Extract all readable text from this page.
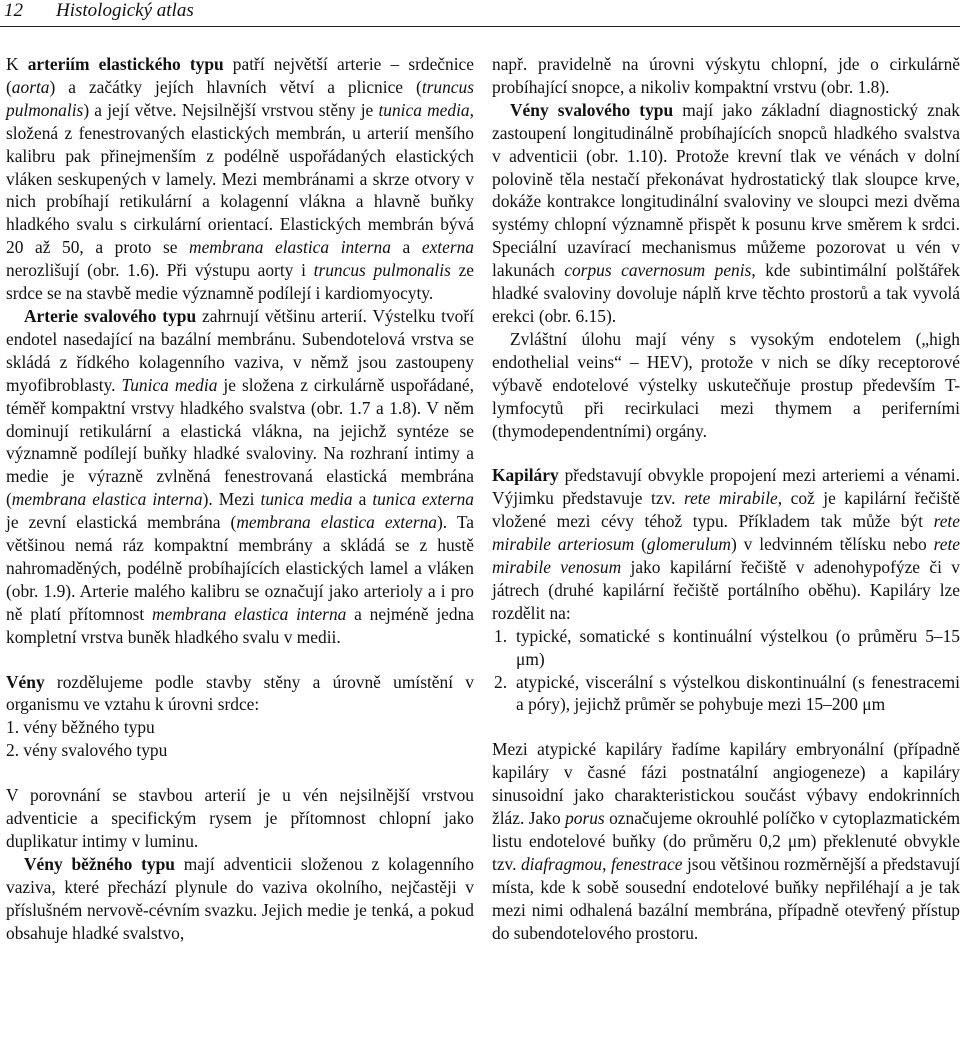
12 Histologický atlas

K arteriím elastického typu patří největší arterie – srdečnice (aorta) a začátky jejích hlavních větví a plicnice (truncus pulmonalis) a její větve. Nejsilnější vrstvou stěny je tunica media, složená z fenestrovaných elastických membrán, u arterií menšího kalibru pak přinejmenším z podélně uspořádaných elastických vláken seskupených v lamely. Mezi membránami a skrze otvory v nich probíhají retikulární a kolagenní vlákna a hlavně buňky hladkého svalu s cirkulární orientací. Elastických membrán bývá 20 až 50, a proto se membrana elastica interna a externa nerozlišují (obr. 1.6). Při výstupu aorty i truncus pulmonalis ze srdce se na stavbě medie významně podílejí i kardiomyocyty.

Arterie svalového typu zahrnují většinu arterií. Výstelku tvoří endotel nasedající na bazální membránu. Subendotelová vrstva se skládá z řídkého kolagenního vaziva, v němž jsou zastoupeny myofibroblasty. Tunica media je složena z cirkulárně uspořádané, téměř kompaktní vrstvy hladkého svalstva (obr. 1.7 a 1.8). V něm dominují retikulární a elastická vlákna, na jejichž syntéze se významně podílejí buňky hladké svaloviny. Na rozhraní intimy a medie je výrazně zvlněná fenestrovaná elastická membrána (membrana elastica interna). Mezi tunica media a tunica externa je zevní elastická membrána (membrana elastica externa). Ta většinou nemá ráz kompaktní membrány a skládá se z hustě nahromaděných, podélně probíhajících elastických lamel a vláken (obr. 1.9). Arterie malého kalibru se označují jako arterioly a i pro ně platí přítomnost membrana elastica interna a nejméně jedna kompletní vrstva buněk hladkého svalu v medii.

Vény rozdělujeme podle stavby stěny a úrovně umístění v organismu ve vztahu k úrovni srdce:

1. vény běžného typu

2. vény svalového typu

V porovnání se stavbou arterií je u vén nejsilnější vrstvou adventicie a specifickým rysem je přítomnost chlopní jako duplikatur intimy v luminu.

Vény běžného typu mají adventicii složenou z kolagenního vaziva, které přechází plynule do vaziva okolního, nejčastěji v příslušném nervově-cévním svazku. Jejich medie je tenká, a pokud obsahuje hladké svalstvo,

např. pravidelně na úrovni výskytu chlopní, jde o cirkulárně probíhající snopce, a nikoliv kompaktní vrstvu (obr. 1.8).

Vény svalového typu mají jako základní diagnostický znak zastoupení longitudinálně probíhajících snopců hladkého svalstva v adventicii (obr. 1.10). Protože krevní tlak ve vénách v dolní polovině těla nestačí překonávat hydrostatický tlak sloupce krve, dokáže kontrakce longitudinální svaloviny ve sloupci mezi dvěma systémy chlopní významně přispět k posunu krve směrem k srdci. Speciální uzavírací mechanismus můžeme pozorovat u vén v lakunách corpus cavernosum penis, kde subintimální polštářek hladké svaloviny dovoluje náplň krve těchto prostorů a tak vyvolá erekci (obr. 6.15).

Zvláštní úlohu mají vény s vysokým endotelem („high endothelial veins“ – HEV), protože v nich se díky receptorové výbavě endotelové výstelky uskutečňuje prostup především T-lymfocytů při recirkulaci mezi thymem a periferními (thymodependentními) orgány.

Kapiláry představují obvykle propojení mezi arteriemi a vénami. Výjimku představuje tzv. rete mirabile, což je kapilární řečiště vložené mezi cévy téhož typu. Příkladem tak může být rete mirabile arteriosum (glomerulum) v ledvinném tělísku nebo rete mirabile venosum jako kapilární řečiště v adenohypofýze či v játrech (druhé kapilární řečiště portálního oběhu). Kapiláry lze rozdělit na:

1. typické, somatické s kontinuální výstelkou (o průměru 5–15 μm)
2. atypické, viscerální s výstelkou diskontinuální (s fenestracemi a póry), jejichž průměr se pohybuje mezi 15–200 μm

Mezi atypické kapiláry řadíme kapiláry embryonální (případně kapiláry v časné fázi postnatální angiogeneze) a kapiláry sinusoidní jako charakteristickou součást výbavy endokrinních žláz. Jako porus označujeme okrouhlé políčko v cytoplazmatickém listu endotelové buňky (do průměru 0,2 μm) překlenuté obvykle tzv. diafragmou, fenestrace jsou většinou rozměrnější a představují místa, kde k sobě sousední endotelové buňky nepřiléhají a je tak mezi nimi odhalená bazální membrána, případně otevřený přístup do subendotelového prostoru.
